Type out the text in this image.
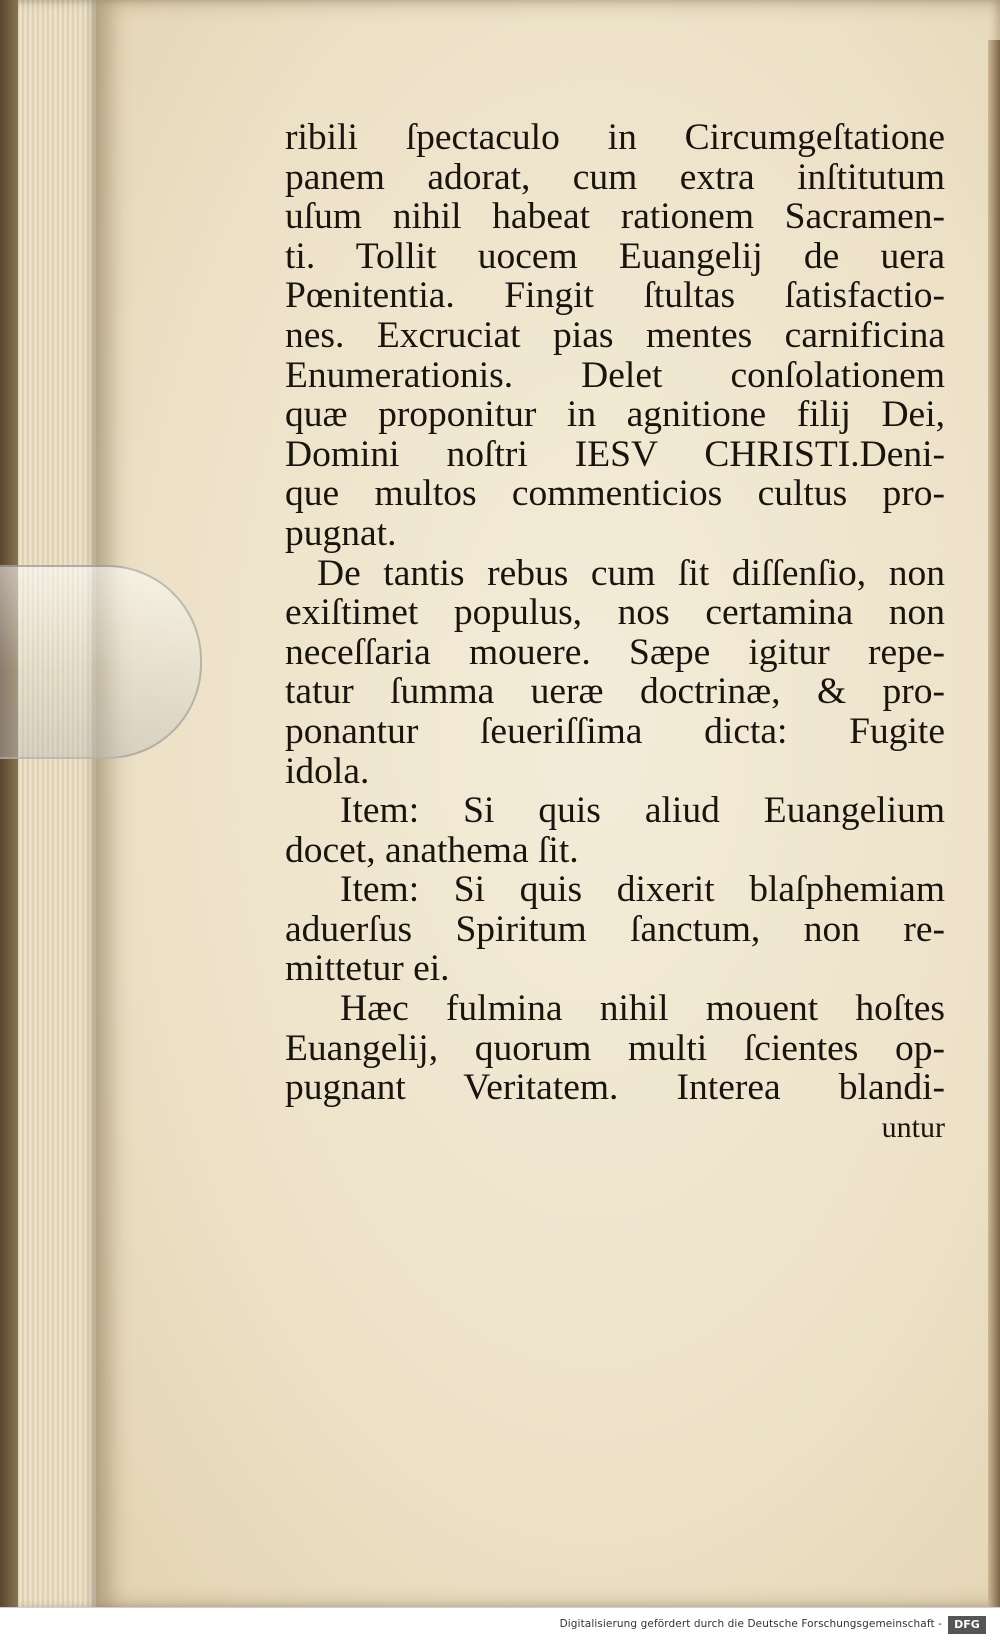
ribili ſpectaculo in Circumgeſtatione
panem adorat, cum extra inſtitutum
uſum nihil habeat rationem Sacramen-
ti. Tollit uocem Euangelij de uera
Pœnitentia. Fingit ſtultas ſatisfactio-
nes. Excruciat pias mentes carnificina
Enumerationis. Delet conſolationem
quæ proponitur in agnitione filij Dei,
Domini noſtri IESV CHRISTI.Deni-
que multos commenticios cultus pro-
pugnat.
De tantis rebus cum ſit diſſenſio, non
exiſtimet populus, nos certamina non
neceſſaria mouere. Sæpe igitur repe-
tatur ſumma ueræ doctrinæ, & pro-
ponantur ſeueriſſima dicta: Fugite
idola.
Item: Si quis aliud Euangelium
docet, anathema ſit.
Item: Si quis dixerit blaſphemiam
aduerſus Spiritum ſanctum, non re-
mittetur ei.
Hæc fulmina nihil mouent hoſtes
Euangelij, quorum multi ſcientes op-
pugnant Veritatem. Interea blandi-
untur
Digitalisierung gefördert durch die Deutsche Forschungsgemeinschaft -	DFG
